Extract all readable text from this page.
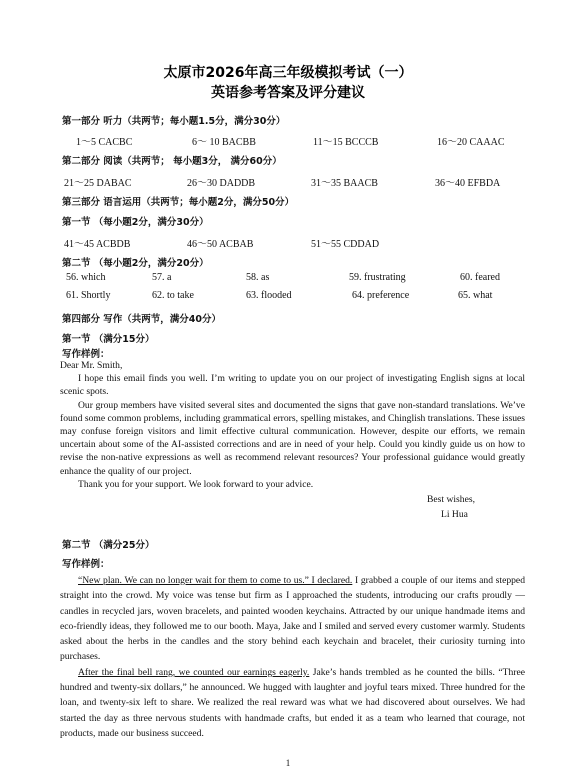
太原市2026年高三年级模拟考试（一）
英语参考答案及评分建议
第一部分 听力（共两节；每小题1.5分，满分30分）
1～5 CACBC	6～ 10 BACBB	11～15 BCCCB	16～20 CAAAC
第二部分 阅读（共两节； 每小题3分， 满分60分）
21～25 DABAC	26～30 DADDB	31～35 BAACB	36～40 EFBDA
第三部分 语言运用（共两节；每小题2分，满分50分）
第一节 （每小题2分，满分30分）
41～45 ACBDB	46～50 ACBAB	51～55 CDDAD
第二节 （每小题2分，满分20分）
56. which	57. a	58. as	59. frustrating	60. feared
61. Shortly	62. to take	63. flooded	64. preference	65. what
第四部分 写作（共两节，满分40分）
第一节 （满分15分）
写作样例：

Dear Mr. Smith,

I hope this email finds you well. I’m writing to update you on our project of investigating English signs at local scenic spots.

Our group members have visited several sites and documented the signs that gave non-standard translations. We’ve found some common problems, including grammatical errors, spelling mistakes, and Chinglish translations. These issues may confuse foreign visitors and limit effective cultural communication. However, despite our efforts, we remain uncertain about some of the AI-assisted corrections and are in need of your help. Could you kindly guide us on how to revise the non-native expressions as well as recommend relevant resources? Your professional guidance would greatly enhance the quality of our project.

Thank you for your support. We look forward to your advice.

Best wishes,
Li Hua
第二节 （满分25分）
写作样例：

“New plan. We can no longer wait for them to come to us.” I declared. I grabbed a couple of our items and stepped straight into the crowd. My voice was tense but firm as I approached the students, introducing our crafts proudly — candles in recycled jars, woven bracelets, and painted wooden keychains. Attracted by our unique handmade items and eco-friendly ideas, they followed me to our booth. Maya, Jake and I smiled and served every customer warmly. Students asked about the herbs in the candles and the story behind each keychain and bracelet, their curiosity turning into purchases.

After the final bell rang, we counted our earnings eagerly. Jake’s hands trembled as he counted the bills. “Three hundred and twenty-six dollars,” he announced. We hugged with laughter and joyful tears mixed. Three hundred for the loan, and twenty-six left to share. We realized the real reward was what we had discovered about ourselves. We had started the day as three nervous students with handmade crafts, but ended it as a team who learned that courage, not products, made our business succeed.

1
